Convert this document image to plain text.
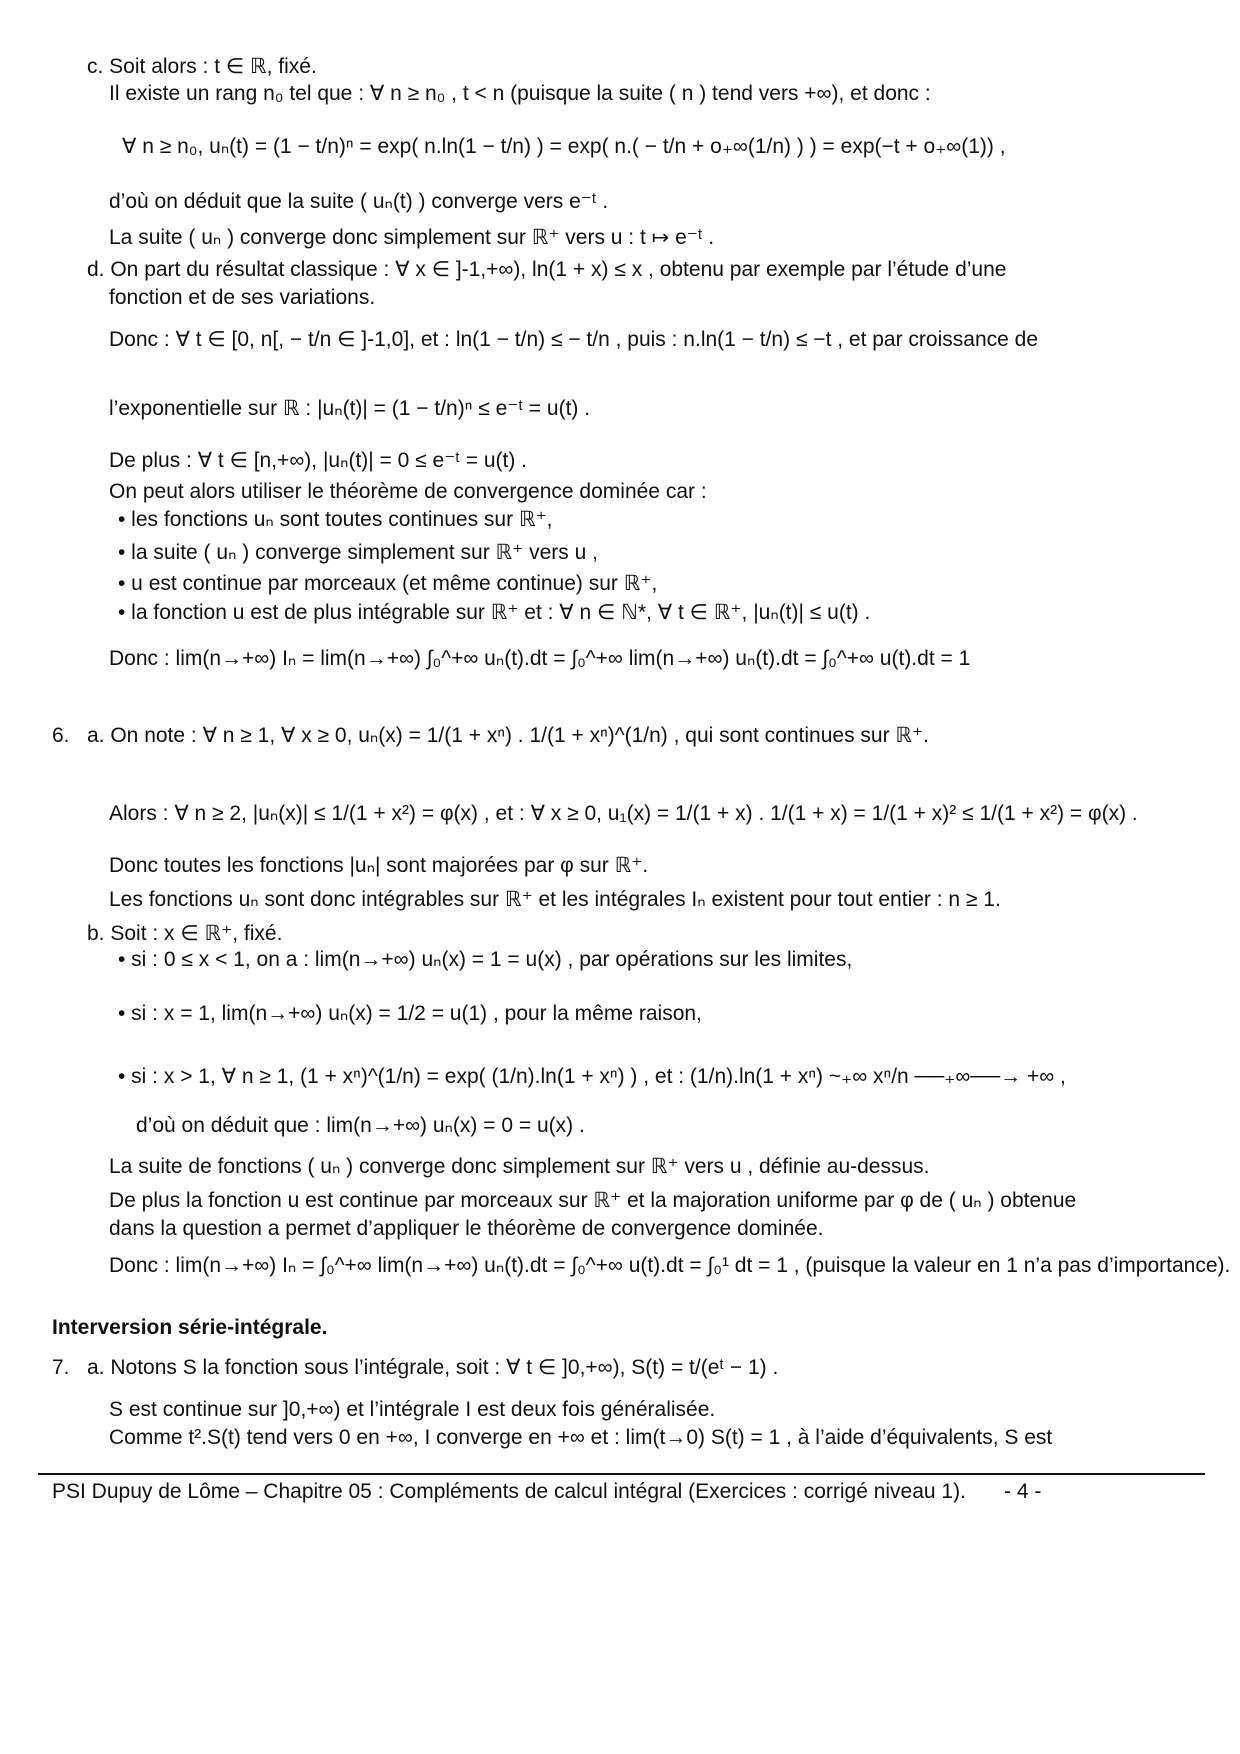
c. Soit alors : t ∈ ℝ, fixé.
Il existe un rang n₀ tel que : ∀ n ≥ n₀ , t < n (puisque la suite ( n ) tend vers +∞), et donc :
∀ n ≥ n₀, uₙ(t) = (1 − t/n)ⁿ = exp( n.ln(1 − t/n) ) = exp( n.( − t/n + o₊∞(1/n) ) ) = exp(−t + o₊∞(1)) ,
d’où on déduit que la suite ( uₙ(t) ) converge vers e⁻ᵗ .
La suite ( uₙ ) converge donc simplement sur ℝ⁺ vers u : t ↦ e⁻ᵗ .
d. On part du résultat classique : ∀ x ∈ ]-1,+∞), ln(1 + x) ≤ x , obtenu par exemple par l’étude d’une
fonction et de ses variations.
Donc : ∀ t ∈ [0, n[, − t/n ∈ ]-1,0], et : ln(1 − t/n) ≤ − t/n , puis : n.ln(1 − t/n) ≤ −t , et par croissance de
l’exponentielle sur ℝ : |uₙ(t)| = (1 − t/n)ⁿ ≤ e⁻ᵗ = u(t) .
De plus : ∀ t ∈ [n,+∞), |uₙ(t)| = 0 ≤ e⁻ᵗ = u(t) .
On peut alors utiliser le théorème de convergence dominée car :
• les fonctions uₙ sont toutes continues sur ℝ⁺,
• la suite ( uₙ ) converge simplement sur ℝ⁺ vers u ,
• u est continue par morceaux (et même continue) sur ℝ⁺,
• la fonction u est de plus intégrable sur ℝ⁺ et : ∀ n ∈ ℕ*, ∀ t ∈ ℝ⁺, |uₙ(t)| ≤ u(t) .
Donc : lim(n→+∞) Iₙ = lim(n→+∞) ∫₀^+∞ uₙ(t).dt = ∫₀^+∞ lim(n→+∞) uₙ(t).dt = ∫₀^+∞ u(t).dt = 1
6. a. On note : ∀ n ≥ 1, ∀ x ≥ 0, uₙ(x) = 1/(1 + xⁿ) . 1/(1 + xⁿ)^(1/n) , qui sont continues sur ℝ⁺.
Alors : ∀ n ≥ 2, |uₙ(x)| ≤ 1/(1 + x²) = φ(x) , et : ∀ x ≥ 0, u₁(x) = 1/(1 + x) . 1/(1 + x) = 1/(1 + x)² ≤ 1/(1 + x²) = φ(x) .
Donc toutes les fonctions |uₙ| sont majorées par φ sur ℝ⁺.
Les fonctions uₙ sont donc intégrables sur ℝ⁺ et les intégrales Iₙ existent pour tout entier : n ≥ 1.
b. Soit : x ∈ ℝ⁺, fixé.
• si : 0 ≤ x < 1, on a : lim(n→+∞) uₙ(x) = 1 = u(x) , par opérations sur les limites,
• si : x = 1, lim(n→+∞) uₙ(x) = 1/2 = u(1) , pour la même raison,
• si : x > 1, ∀ n ≥ 1, (1 + xⁿ)^(1/n) = exp( (1/n).ln(1 + xⁿ) ) , et : (1/n).ln(1 + xⁿ) ~₊∞ xⁿ/n ──₊∞──→ +∞ ,
d’où on déduit que : lim(n→+∞) uₙ(x) = 0 = u(x) .
La suite de fonctions ( uₙ ) converge donc simplement sur ℝ⁺ vers u , définie au-dessus.
De plus la fonction u est continue par morceaux sur ℝ⁺ et la majoration uniforme par φ de ( uₙ ) obtenue
dans la question a permet d’appliquer le théorème de convergence dominée.
Donc : lim(n→+∞) Iₙ = ∫₀^+∞ lim(n→+∞) uₙ(t).dt = ∫₀^+∞ u(t).dt = ∫₀¹ dt = 1 , (puisque la valeur en 1 n’a pas d’importance).
Interversion série-intégrale.
7. a. Notons S la fonction sous l’intégrale, soit : ∀ t ∈ ]0,+∞), S(t) = t/(eᵗ − 1) .
S est continue sur ]0,+∞) et l’intégrale I est deux fois généralisée.
Comme t².S(t) tend vers 0 en +∞, I converge en +∞ et : lim(t→0) S(t) = 1 , à l’aide d’équivalents, S est
PSI Dupuy de Lôme – Chapitre 05 : Compléments de calcul intégral (Exercices : corrigé niveau 1). - 4 -
